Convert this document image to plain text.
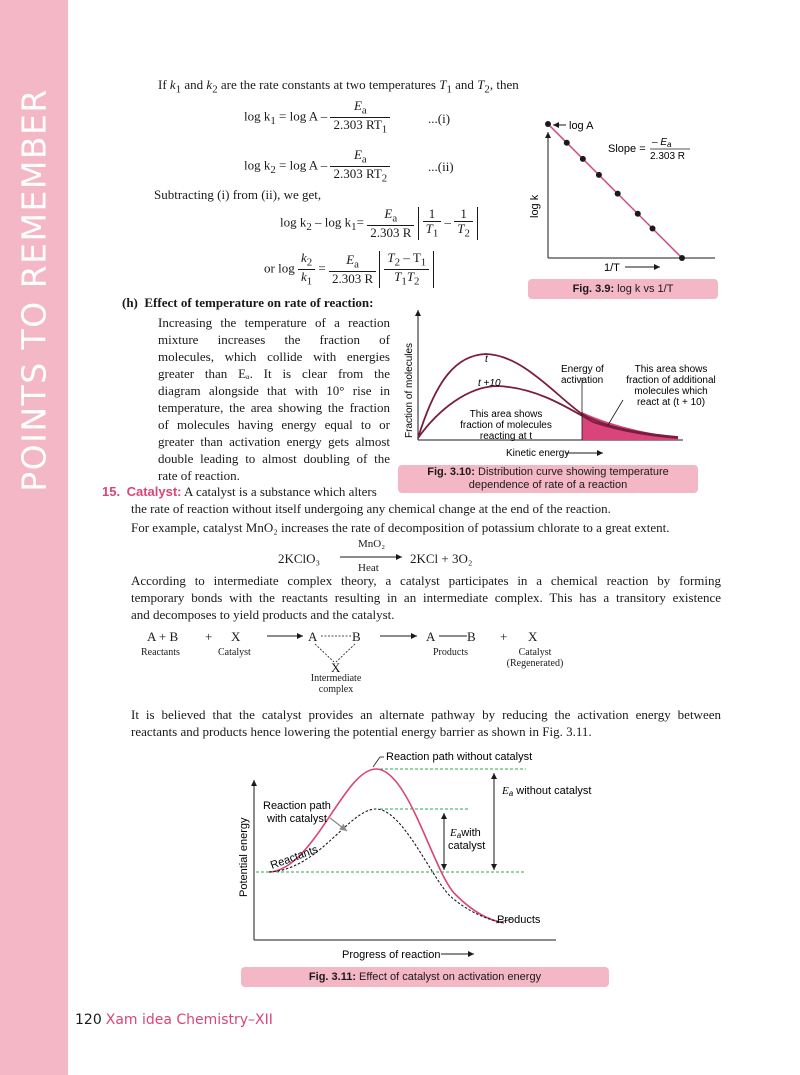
POINTS TO REMEMBER
If $k_1$ and $k_2$ are the rate constants at two temperatures $T_1$ and $T_2$, then
$\log k_1 = \log A - \frac{E_a}{2.303 RT_1}$	...(i)
$\log k_2 = \log A - \frac{E_a}{2.303 RT_2}$	...(ii)
Subtracting (i) from (ii), we get,
$\log k_2 - \log k_1= \frac{E_a}{2.303 R}$
$\frac{1}{T_1} - \frac{1}{T_2}$
or $\log \frac{k_2}{k_1} = \frac{E_a}{2.303 R}$
$\frac{T_2 - T_1}{T_1T_2}$
log A
Slope =
– $E_a$
2.303 R
log k
1/T
Fig. 3.9: log k vs 1/T
(h) Effect of temperature on rate of reaction:
Increasing the temperature of a reaction
mixture increases the fraction of
molecules, which collide with energies
greater than Eₐ. It is clear from the
diagram alongside that with 10° rise in
temperature, the area showing the fraction
of molecules having energy equal to or
greater than activation energy gets almost
double leading to almost doubling of the
rate of reaction.
t
t +10
Energy of
activation
This area shows
fraction of additional
molecules which
react at (t + 10)
This area shows
fraction of molecules
reacting at t
Fraction of molecules
Kinetic energy
Fig. 3.10: Distribution curve showing temperature
dependence of rate of a reaction
15. Catalyst: A catalyst is a substance which alters
the rate of reaction without itself undergoing any chemical change at the end of the reaction.
For example, catalyst MnO₂ increases the rate of decomposition of potassium chlorate to a great extent.
2KClO₃
MnO₂
Heat
2KCl + 3O₂
According to intermediate complex theory, a catalyst participates in a chemical reaction by forming
temporary bonds with the reactants resulting in an intermediate complex. This has a transitory existence
and decomposes to yield products and the catalyst.
A + B + X	A	B
X
A B + X
Reactants	Catalyst
Intermediate
complex
Products	Catalyst
(Regenerated)
It is believed that the catalyst provides an alternate pathway by reducing the activation energy between
reactants and products hence lowering the potential energy barrier as shown in Fig. 3.11.
Reaction path without catalyst
Reaction path
with catalyst
Reactants
Products
Ea without catalyst
Eawith
catalyst
Potential energy
Progress of reaction
Fig. 3.11: Effect of catalyst on activation energy
120 Xam idea Chemistry–XII
